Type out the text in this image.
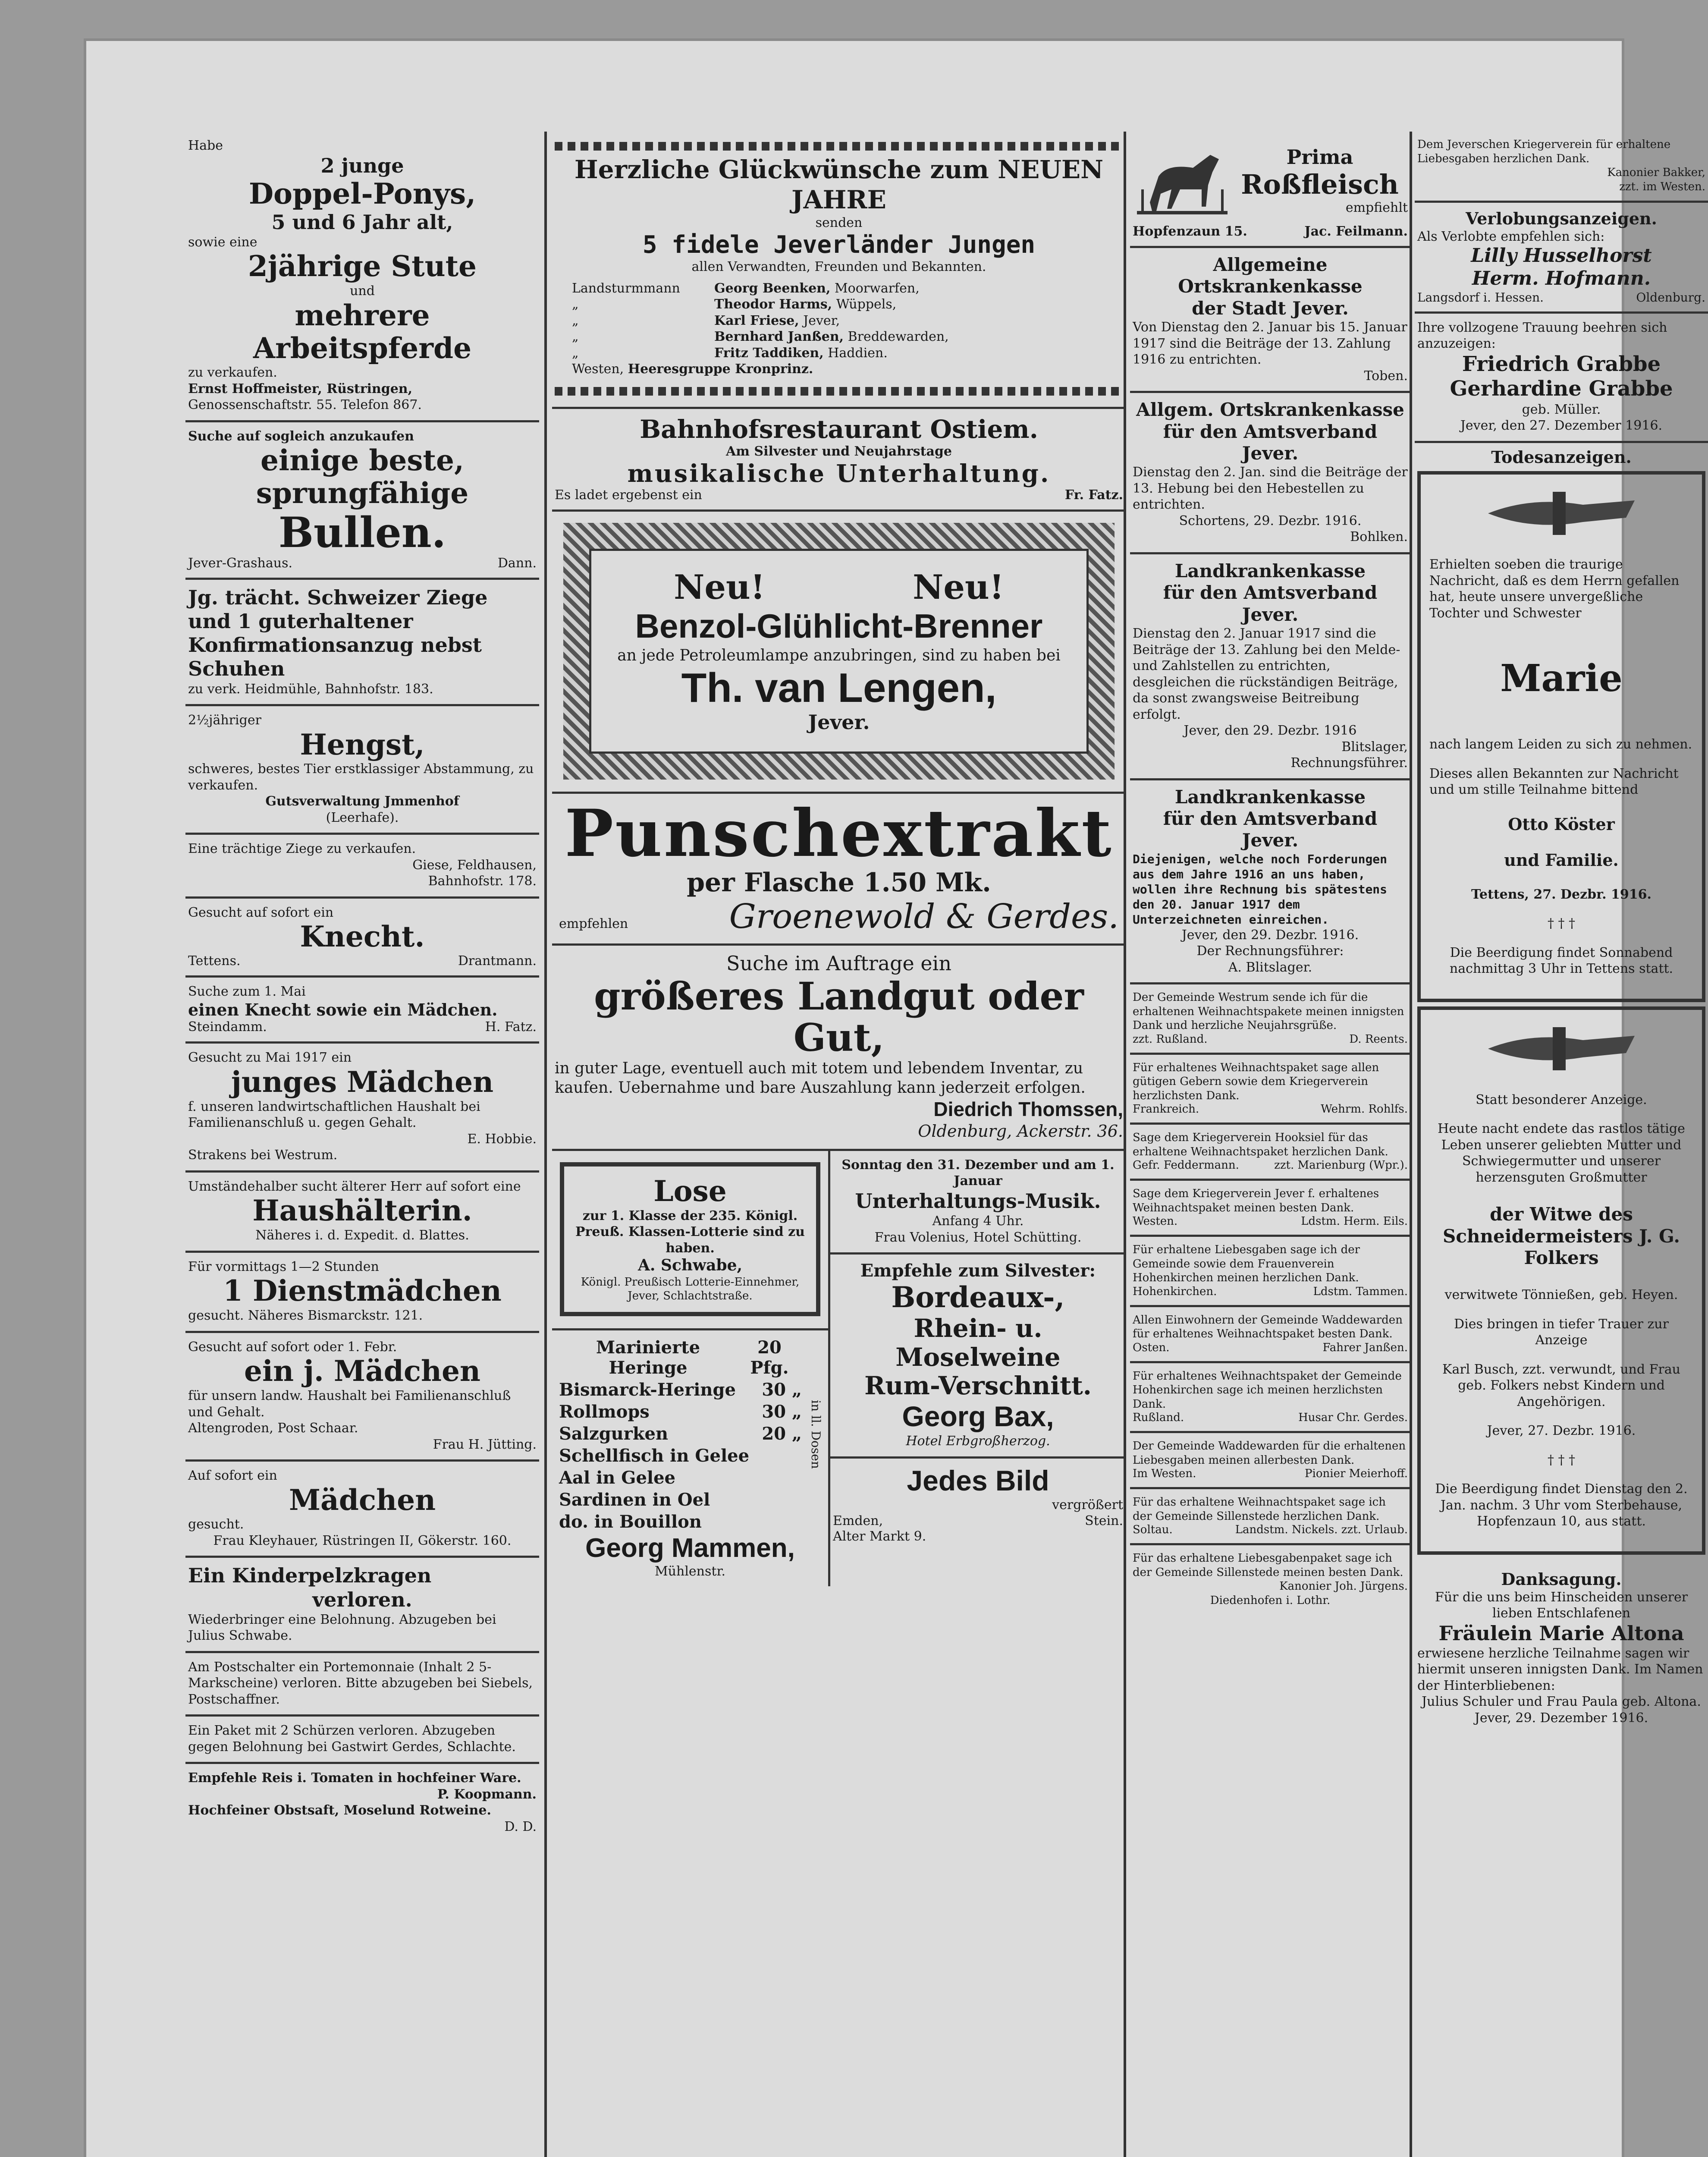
Habe

2 junge

Doppel-Ponys,

5 und 6 Jahr alt,

sowie eine

2jährige Stute

und

mehrere Arbeitspferde

zu verkaufen.

Ernst Hoffmeister, Rüstringen,

Genossenschaftstr. 55. Telefon 867.

Suche auf sogleich anzukaufen

einige beste,

sprungfähige

Bullen.

Jever-Grashaus.	Dann.

Jg. trächt. Schweizer Ziege

und 1 guterhaltener Konfirmationsanzug nebst Schuhen

zu verk. Heidmühle, Bahnhofstr. 183.

2½jähriger

Hengst,

schweres, bestes Tier erstklassiger Abstammung, zu verkaufen.

Gutsverwaltung Jmmenhof

(Leerhafe).

Eine trächtige Ziege zu verkaufen.

Giese, Feldhausen,

Bahnhofstr. 178.

Gesucht auf sofort ein

Knecht.

Tettens.	Drantmann.

Suche zum 1. Mai

einen Knecht sowie ein Mädchen.

Steindamm.	H. Fatz.

Gesucht zu Mai 1917 ein

junges Mädchen

f. unseren landwirtschaftlichen Haushalt bei Familienanschluß u. gegen Gehalt.

E. Hobbie.

Strakens bei Westrum.

Umständehalber sucht älterer Herr auf sofort eine

Haushälterin.

Näheres i. d. Expedit. d. Blattes.

Für vormittags 1—2 Stunden

1 Dienstmädchen

gesucht. Näheres Bismarckstr. 121.

Gesucht auf sofort oder 1. Febr.

ein j. Mädchen

für unsern landw. Haushalt bei Familienanschluß und Gehalt.

Altengroden, Post Schaar.

Frau H. Jütting.

Auf sofort ein

Mädchen

gesucht.

Frau Kleyhauer, Rüstringen II, Gökerstr. 160.

Ein Kinderpelzkragen

verloren.

Wiederbringer eine Belohnung. Abzugeben bei Julius Schwabe.

Am Postschalter ein Portemonnaie (Inhalt 2 5-Markscheine) verloren. Bitte abzugeben bei Siebels, Postschaffner.

Ein Paket mit 2 Schürzen verloren. Abzugeben gegen Belohnung bei Gastwirt Gerdes, Schlachte.

Empfehle Reis i. Tomaten in hochfeiner Ware.

P. Koopmann.

Hochfeiner Obstsaft, Moselund Rotweine.

D. D.

Herzliche Glückwünsche zum NEUEN JAHRE

senden

5 fidele Jeverländer Jungen

allen Verwandten, Freunden und Bekannten.

Landsturmmann	Georg Beenken, Moorwarfen,
„	Theodor Harms, Wüppels,
„	Karl Friese, Jever,
„	Bernhard Janßen, Breddewarden,
„	Fritz Taddiken, Haddien.
Westen, Heeresgruppe Kronprinz.

Bahnhofsrestaurant Ostiem.

Am Silvester und Neujahrstage

musikalische Unterhaltung.

Es ladet ergebenst ein	Fr. Fatz.
Neu!	Neu!

Benzol-Glühlicht-Brenner

an jede Petroleumlampe anzubringen, sind zu haben bei

Th. van Lengen,

Jever.

Punschextrakt

per Flasche 1.50 Mk.

empfehlen	Groenewold & Gerdes.

Suche im Auftrage ein

größeres Landgut oder Gut,

in guter Lage, eventuell auch mit totem und lebendem Inventar, zu kaufen. Uebernahme und bare Auszahlung kann jederzeit erfolgen.

Diedrich Thomssen,

Oldenburg, Ackerstr. 36.

Lose

zur 1. Klasse der 235. Königl. Preuß. Klassen-Lotterie sind zu haben.

A. Schwabe,

Königl. Preußisch Lotterie-Einnehmer,

Jever, Schlachtstraße.

Marinierte Heringe
20 Pfg.
Bismarck-Heringe 30 „
Rollmops	30 „
Salzgurken	20 „
Schellfisch in Gelee
Aal in Gelee
Sardinen in Oel
do. in Bouillon
in ll. Dosen

Georg Mammen,

Mühlenstr.

Sonntag den 31. Dezember und am 1. Januar

Unterhaltungs-Musik.

Anfang 4 Uhr.

Frau Volenius, Hotel Schütting.

Empfehle zum Silvester:

Bordeaux-,

Rhein- u. Moselweine

Rum-Verschnitt.

Georg Bax,

Hotel Erbgroßherzog.

Jedes Bild

vergrößert

Emden,	Stein.

Alter Markt 9.

Prima

Roßfleisch

empfiehlt

Hopfenzaun 15.	Jac. Feilmann.

Allgemeine Ortskrankenkasse

der Stadt Jever.

Von Dienstag den 2. Januar bis 15. Januar 1917 sind die Beiträge der 13. Zahlung 1916 zu entrichten.

Toben.

Allgem. Ortskrankenkasse

für den Amtsverband Jever.

Dienstag den 2. Jan. sind die Beiträge der 13. Hebung bei den Hebestellen zu entrichten.

Schortens, 29. Dezbr. 1916.

Bohlken.

Landkrankenkasse

für den Amtsverband Jever.

Dienstag den 2. Januar 1917 sind die Beiträge der 13. Zahlung bei den Melde- und Zahlstellen zu entrichten, desgleichen die rückständigen Beiträge, da sonst zwangsweise Beitreibung erfolgt.

Jever, den 29. Dezbr. 1916

Blitslager,

Rechnungsführer.

Landkrankenkasse

für den Amtsverband Jever.

Diejenigen, welche noch Forderungen aus dem Jahre 1916 an uns haben, wollen ihre Rechnung bis spätestens den 20. Januar 1917 dem Unterzeichneten einreichen.

Jever, den 29. Dezbr. 1916.

Der Rechnungsführer:

A. Blitslager.

Der Gemeinde Westrum sende ich für die erhaltenen Weihnachtspakete meinen innigsten Dank und herzliche Neujahrsgrüße.

zzt. Rußland.	D. Reents.

Für erhaltenes Weihnachtspaket sage allen gütigen Gebern sowie dem Kriegerverein herzlichsten Dank.

Frankreich.	Wehrm. Rohlfs.

Sage dem Kriegerverein Hooksiel für das erhaltene Weihnachtspaket herzlichen Dank.

Gefr. Feddermann.	zzt. Marienburg (Wpr.).

Sage dem Kriegerverein Jever f. erhaltenes Weihnachtspaket meinen besten Dank.

Westen.	Ldstm. Herm. Eils.

Für erhaltene Liebesgaben sage ich der Gemeinde sowie dem Frauenverein Hohenkirchen meinen herzlichen Dank.

Hohenkirchen.	Ldstm. Tammen.

Allen Einwohnern der Gemeinde Waddewarden für erhaltenes Weihnachtspaket besten Dank.

Osten.	Fahrer Janßen.

Für erhaltenes Weihnachtspaket der Gemeinde Hohenkirchen sage ich meinen herzlichsten Dank.

Rußland.	Husar Chr. Gerdes.

Der Gemeinde Waddewarden für die erhaltenen Liebesgaben meinen allerbesten Dank.

Im Westen.	Pionier Meierhoff.

Für das erhaltene Weihnachtspaket sage ich der Gemeinde Sillenstede herzlichen Dank.

Soltau.	Landstm. Nickels. zzt. Urlaub.

Für das erhaltene Liebesgabenpaket sage ich der Gemeinde Sillenstede meinen besten Dank.

Kanonier Joh. Jürgens.

Diedenhofen i. Lothr.

Dem Jeverschen Kriegerverein für erhaltene Liebesgaben herzlichen Dank.

Kanonier Bakker,

zzt. im Westen.

Verlobungsanzeigen.

Als Verlobte empfehlen sich:

Lilly Husselhorst

Herm. Hofmann.

Langsdorf i. Hessen.	Oldenburg.

Ihre vollzogene Trauung beehren sich anzuzeigen:

Friedrich Grabbe

Gerhardine Grabbe

geb. Müller.

Jever, den 27. Dezember 1916.

Todesanzeigen.

Erhielten soeben die traurige Nachricht, daß es dem Herrn gefallen hat, heute unsere unvergeßliche Tochter und Schwester

Marie

nach langem Leiden zu sich zu nehmen.

Dieses allen Bekannten zur Nachricht und um stille Teilnahme bittend

Otto Köster

und Familie.

Tettens, 27. Dezbr. 1916.

† † †

Die Beerdigung findet Sonnabend nachmittag 3 Uhr in Tettens statt.

Statt besonderer Anzeige.

Heute nacht endete das rastlos tätige Leben unserer geliebten Mutter und Schwiegermutter und unserer herzensguten Großmutter

der Witwe des Schneidermeisters J. G. Folkers

verwitwete Tönnießen, geb. Heyen.

Dies bringen in tiefer Trauer zur Anzeige

Karl Busch, zzt. verwundt, und Frau geb. Folkers nebst Kindern und Angehörigen.

Jever, 27. Dezbr. 1916.

† † †

Die Beerdigung findet Dienstag den 2. Jan. nachm. 3 Uhr vom Sterbehause, Hopfenzaun 10, aus statt.

Danksagung.

Für die uns beim Hinscheiden unserer lieben Entschlafenen

Fräulein Marie Altona

erwiesene herzliche Teilnahme sagen wir hiermit unseren innigsten Dank. Im Namen der Hinterbliebenen:

Julius Schuler und Frau Paula geb. Altona.

Jever, 29. Dezember 1916.
